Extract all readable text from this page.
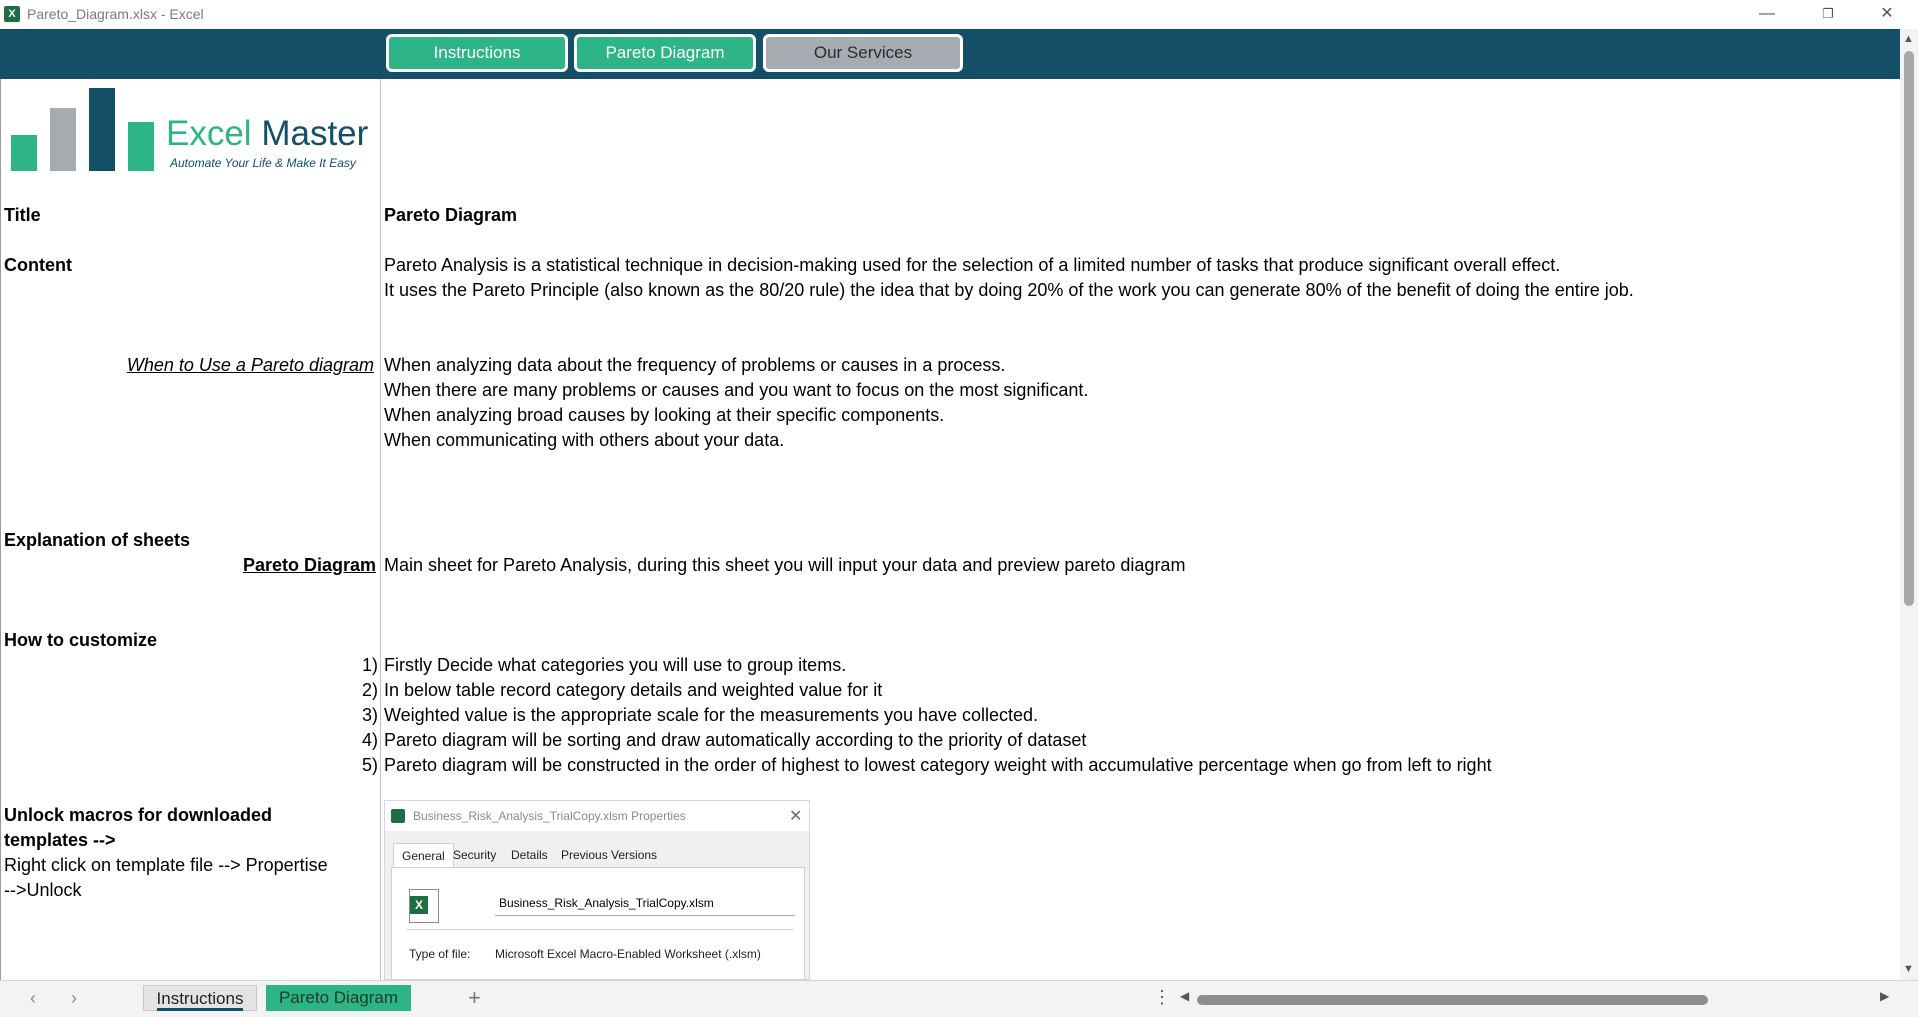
X Pareto_Diagram.xlsx - Excel	—	❐	✕
Instructions	Pareto Diagram	Our Services
Excel Master
Automate Your Life & Make It Easy
Title	Pareto Diagram
Content	Pareto Analysis is a statistical technique in decision-making used for the selection of a limited number of tasks that produce significant overall effect.
It uses the Pareto Principle (also known as the 80/20 rule) the idea that by doing 20% of the work you can generate 80% of the benefit of doing the entire job.
When to Use a Pareto diagram When analyzing data about the frequency of problems or causes in a process.
When there are many problems or causes and you want to focus on the most significant.
When analyzing broad causes by looking at their specific components.
When communicating with others about your data.
Explanation of sheets
Pareto Diagram Main sheet for Pareto Analysis, during this sheet you will input your data and preview pareto diagram
How to customize
1) Firstly Decide what categories you will use to group items.
2) In below table record category details and weighted value for it
3) Weighted value is the appropriate scale for the measurements you have collected.
4) Pareto diagram will be sorting and draw automatically according to the priority of dataset
5) Pareto diagram will be constructed in the order of highest to lowest category weight with accumulative percentage when go from left to right
Unlock macros for downloaded
templates -->
Right click on template file --> Propertise
-->Unlock
Business_Risk_Analysis_TrialCopy.xlsm Properties	✕
General Security	Details	Previous Versions
X	Business_Risk_Analysis_TrialCopy.xlsm
Type of file: Microsoft Excel Macro-Enabled Worksheet (.xlsm)
▲
▼
‹ ›	Instructions	Pareto Diagram	+	⋮ ◀	▶
